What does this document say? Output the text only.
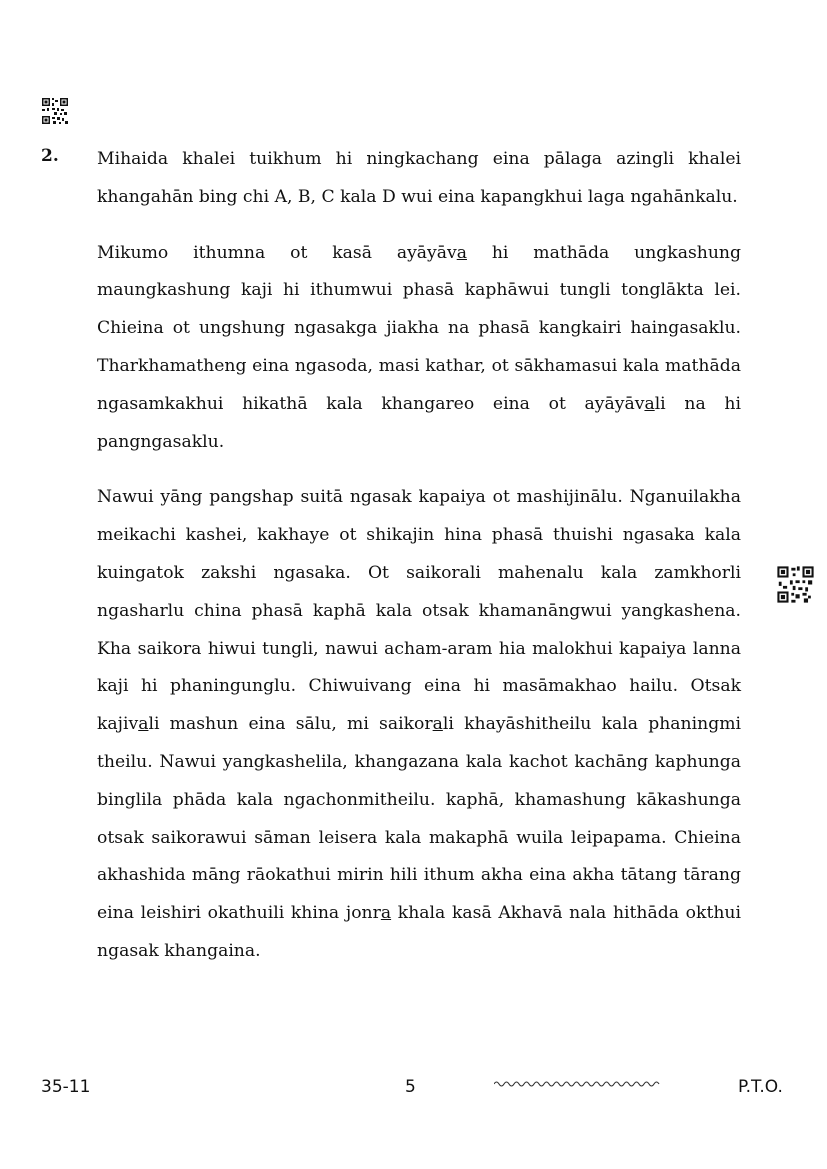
2. Mihaida khalei tuikhum hi ningkachang eina pālaga azingli khalei khangahān bing chi A, B, C kala D wui eina kapangkhui laga ngahānkalu.

Mikumo ithumna ot kasā ayāyāva hi mathāda ungkashung maungkashung kaji hi ithumwui phasā kaphāwui tungli tonglākta lei. Chieina ot ungshung ngasakga jiakha na phasā kangkairi haingasaklu. Tharkhamatheng eina ngasoda, masi kathar, ot sākhamasui kala mathāda ngasamkakhui hikathā kala khangareo eina ot ayāyāvali na hi pangngasaklu.

Nawui yāng pangshap suitā ngasak kapaiya ot mashijinālu. Nganuilakha meikachi kashei, kakhaye ot shikajin hina phasā thuishi ngasaka kala kuingatok zakshi ngasaka. Ot saikorali mahenalu kala zamkhorli ngasharlu china phasā kaphā kala otsak khamanāngwui yangkashena. Kha saikora hiwui tungli, nawui acham-aram hia malokhui kapaiya lanna kaji hi phaningunglu. Chiwuivang eina hi masāmakhao hailu. Otsak kajivali mashun eina sālu, mi saikorali khayāshitheilu kala phaningmi theilu. Nawui yangkashelila, khangazana kala kachot kachāng kaphunga binglila phāda kala ngachonmitheilu. kaphā, khamashung kākashunga otsak saikorawui sāman leisera kala makaphā wuila leipapama. Chieina akhashida māng rāokathui mirin hili ithum akha eina akha tātang tārang eina leishiri okathuili khina jonra khala kasā Akhavā nala hithāda okthui ngasak khangaina.

35-11	5	P.T.O.
